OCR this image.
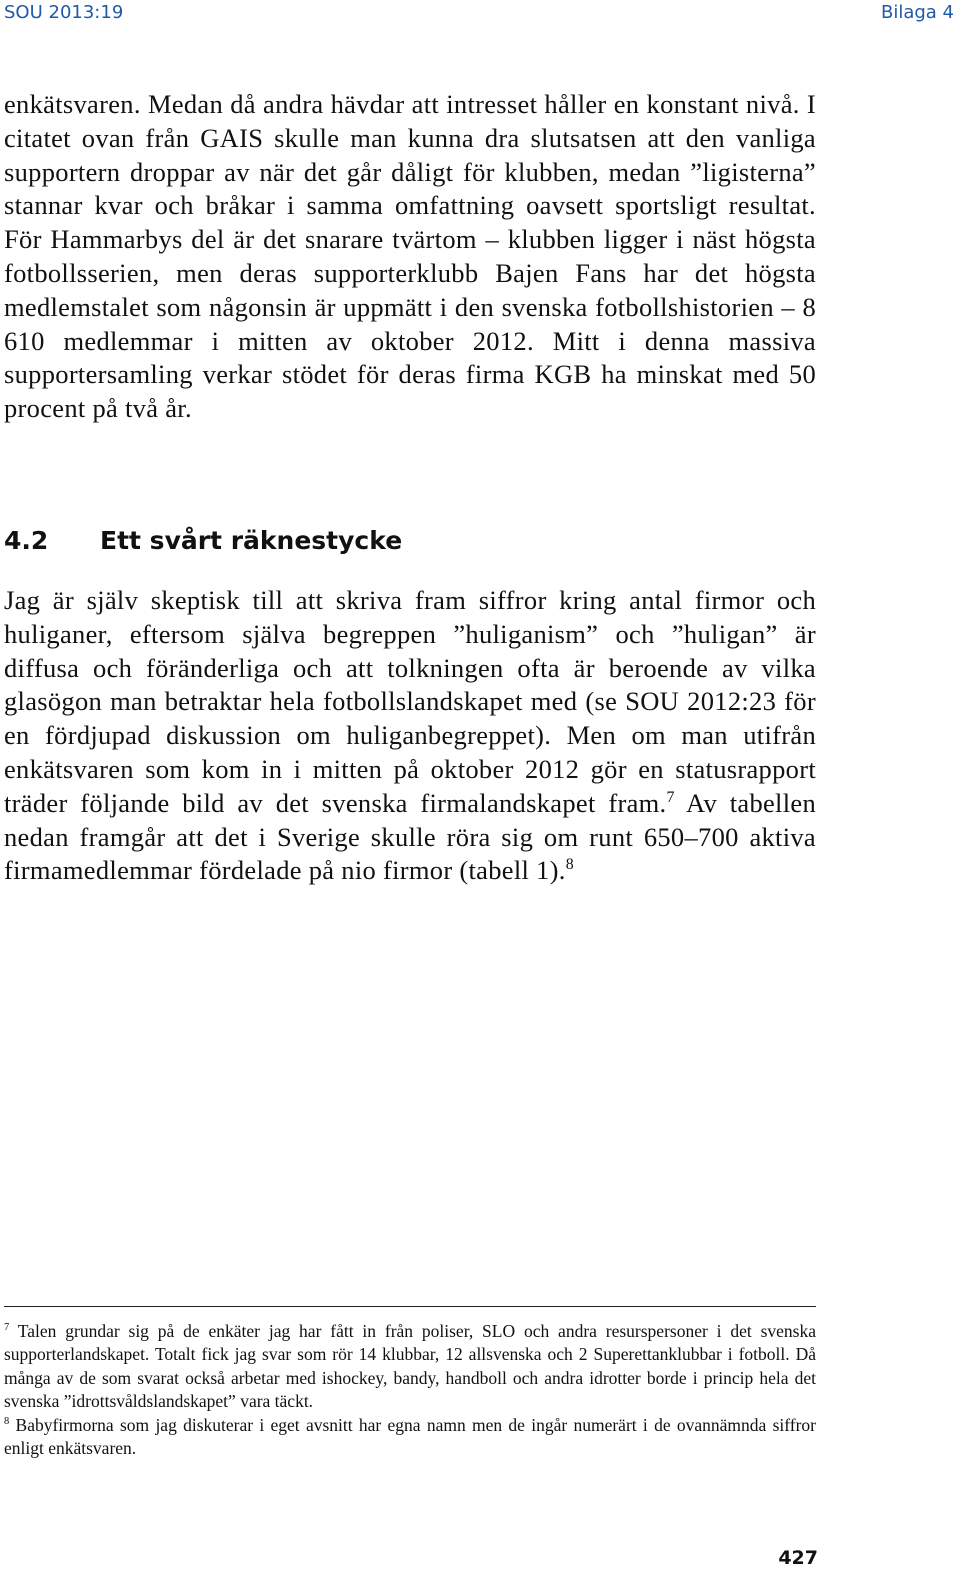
SOU 2013:19	Bilaga 4

enkätsvaren. Medan då andra hävdar att intresset håller en konstant nivå. I citatet ovan från GAIS skulle man kunna dra slutsatsen att den vanliga supportern droppar av när det går dåligt för klubben, medan ”ligisterna” stannar kvar och bråkar i samma omfattning oavsett sportsligt resultat. För Hammarbys del är det snarare tvärtom – klubben ligger i näst högsta fotbollsserien, men deras supporterklubb Bajen Fans har det högsta medlemstalet som någonsin är uppmätt i den svenska fotbollshistorien – 8 610 medlemmar i mitten av oktober 2012. Mitt i denna massiva supportersamling verkar stödet för deras firma KGB ha minskat med 50 procent på två år.

4.2 Ett svårt räknestycke

Jag är själv skeptisk till att skriva fram siffror kring antal firmor och huliganer, eftersom själva begreppen ”huliganism” och ”huligan” är diffusa och föränderliga och att tolkningen ofta är beroende av vilka glasögon man betraktar hela fotbollslandskapet med (se SOU 2012:23 för en fördjupad diskussion om huliganbegreppet). Men om man utifrån enkätsvaren som kom in i mitten på oktober 2012 gör en statusrapport träder följande bild av det svenska firmalandskapet fram.$^7$ Av tabellen nedan framgår att det i Sverige skulle röra sig om runt 650–700 aktiva firmamedlemmar fördelade på nio firmor (tabell 1).$^8$

$^7$ Talen grundar sig på de enkäter jag har fått in från poliser, SLO och andra resurspersoner i det svenska supporterlandskapet. Totalt fick jag svar som rör 14 klubbar, 12 allsvenska och 2 Superettanklubbar i fotboll. Då många av de som svarat också arbetar med ishockey, bandy, handboll och andra idrotter borde i princip hela det svenska ”idrottsvåldslandskapet” vara täckt.

$^8$ Babyfirmorna som jag diskuterar i eget avsnitt har egna namn men de ingår numerärt i de ovannämnda siffror enligt enkätsvaren.

427
